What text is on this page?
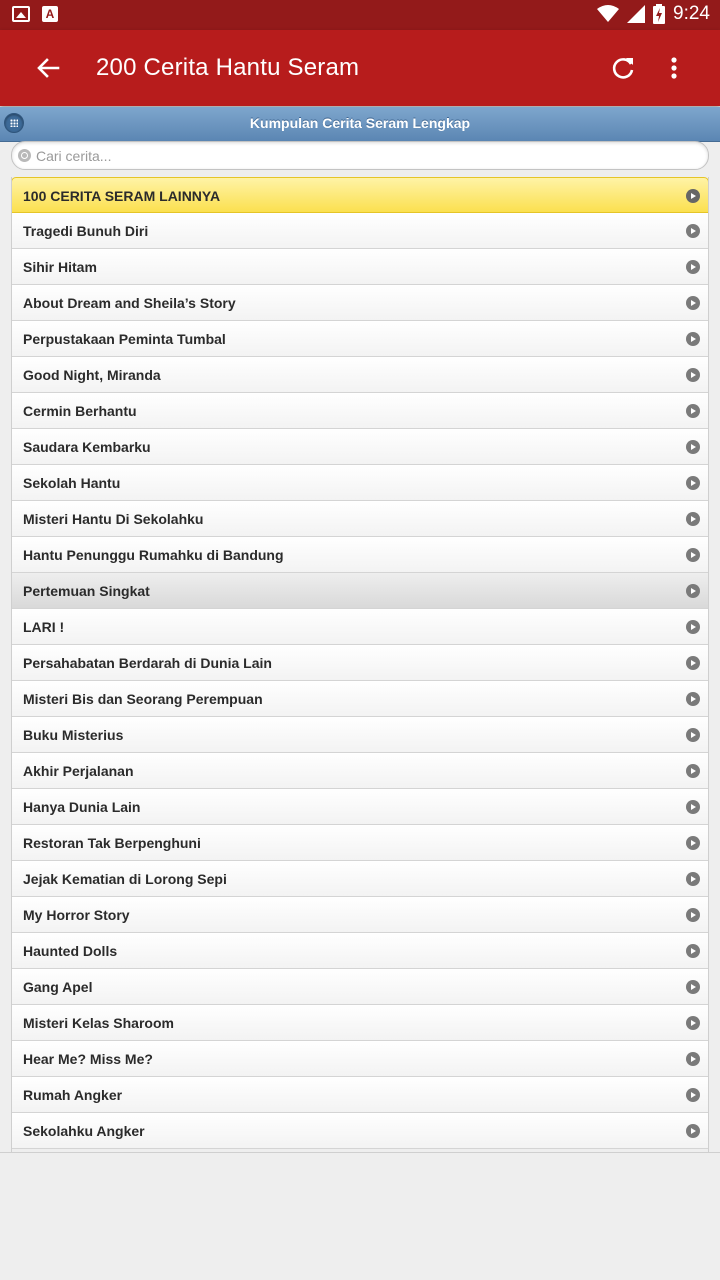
A	9:24
200 Cerita Hantu Seram
Kumpulan Cerita Seram Lengkap
Cari cerita...
100 CERITA SERAM LAINNYA
Tragedi Bunuh Diri
Sihir Hitam
About Dream and Sheila’s Story
Perpustakaan Peminta Tumbal
Good Night, Miranda
Cermin Berhantu
Saudara Kembarku
Sekolah Hantu
Misteri Hantu Di Sekolahku
Hantu Penunggu Rumahku di Bandung
Pertemuan Singkat
LARI !
Persahabatan Berdarah di Dunia Lain
Misteri Bis dan Seorang Perempuan
Buku Misterius
Akhir Perjalanan
Hanya Dunia Lain
Restoran Tak Berpenghuni
Jejak Kematian di Lorong Sepi
My Horror Story
Haunted Dolls
Gang Apel
Misteri Kelas Sharoom
Hear Me? Miss Me?
Rumah Angker
Sekolahku Angker
